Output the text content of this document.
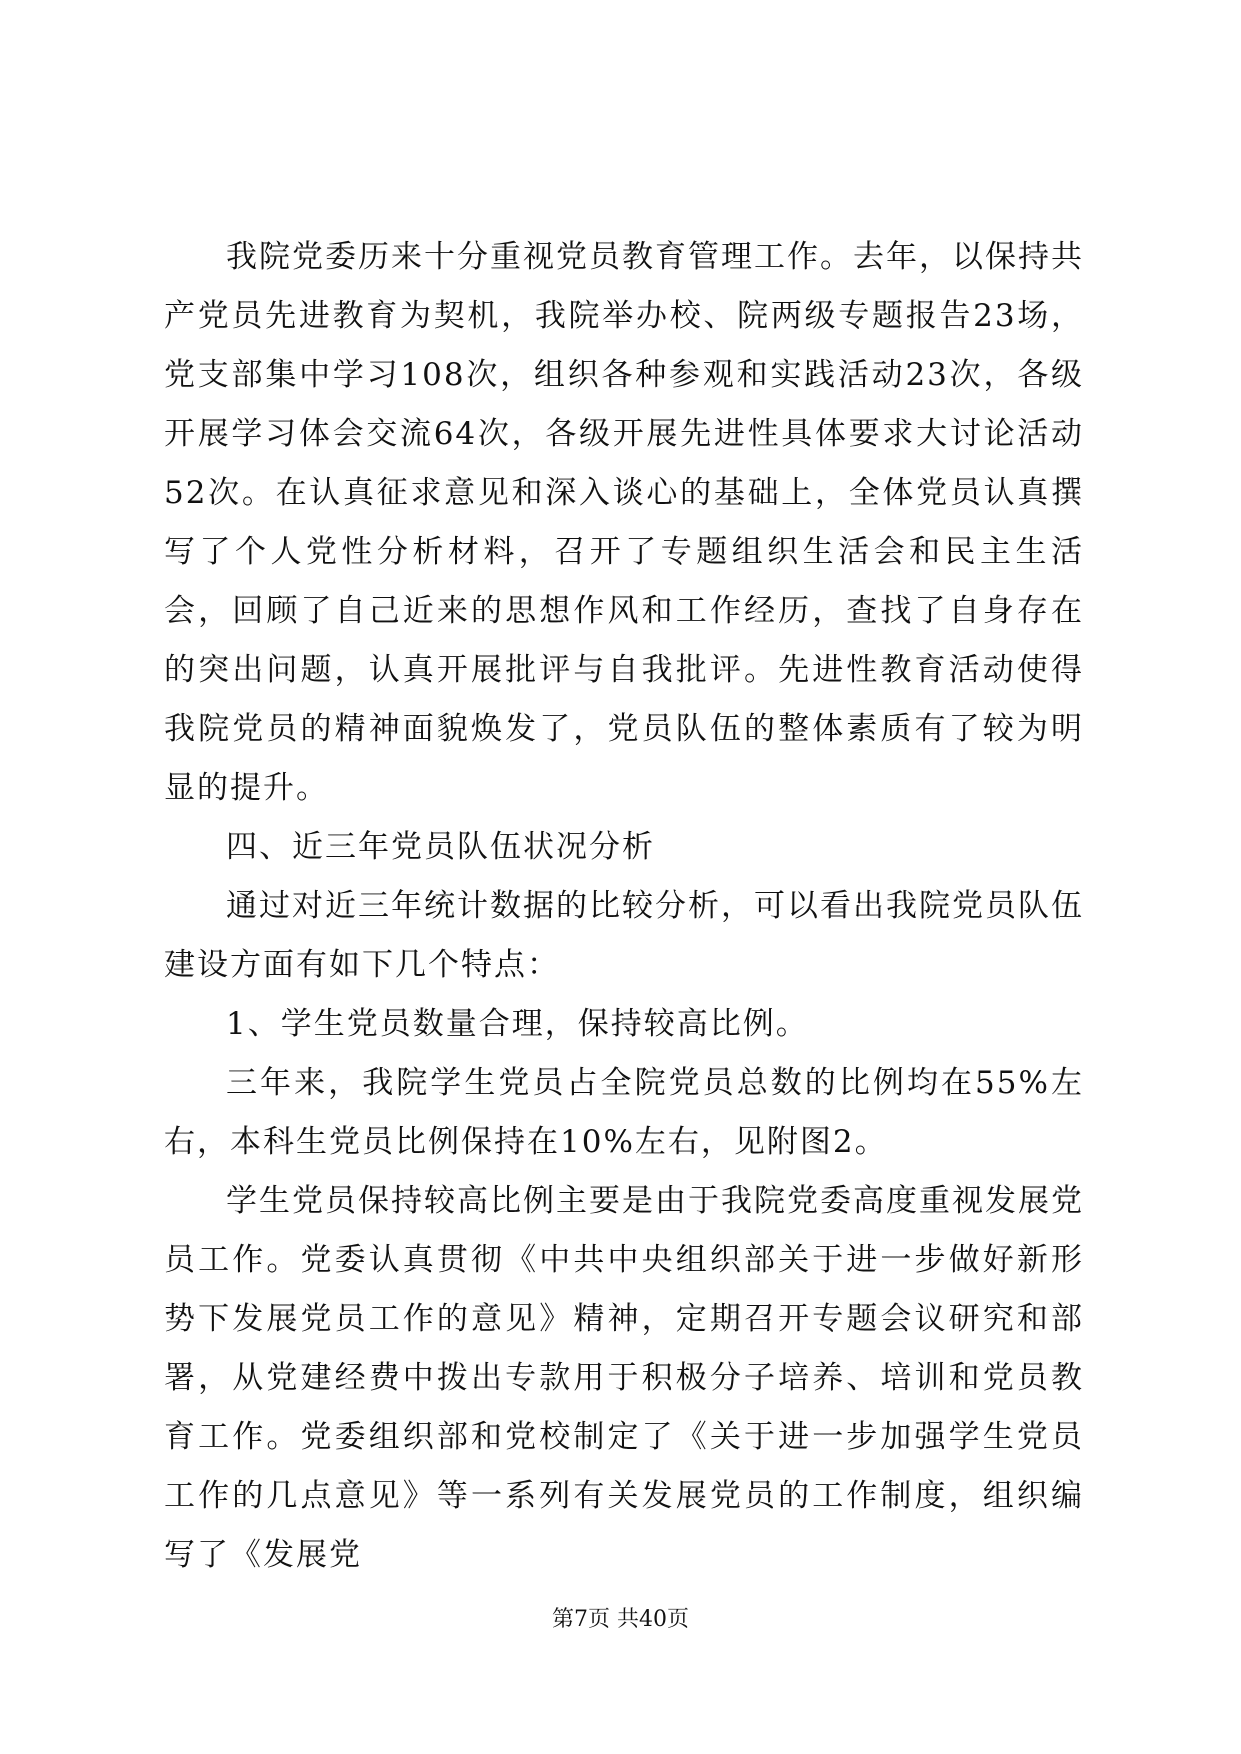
我院党委历来十分重视党员教育管理工作。去年，以保持共产党员先进教育为契机，我院举办校、院两级专题报告23场，党支部集中学习108次，组织各种参观和实践活动23次，各级开展学习体会交流64次，各级开展先进性具体要求大讨论活动52次。在认真征求意见和深入谈心的基础上，全体党员认真撰写了个人党性分析材料，召开了专题组织生活会和民主生活会，回顾了自己近来的思想作风和工作经历，查找了自身存在的突出问题，认真开展批评与自我批评。先进性教育活动使得我院党员的精神面貌焕发了，党员队伍的整体素质有了较为明显的提升。

四、近三年党员队伍状况分析

通过对近三年统计数据的比较分析，可以看出我院党员队伍建设方面有如下几个特点：

1、学生党员数量合理，保持较高比例。

三年来，我院学生党员占全院党员总数的比例均在55%左右，本科生党员比例保持在10%左右，见附图2。

学生党员保持较高比例主要是由于我院党委高度重视发展党员工作。党委认真贯彻《中共中央组织部关于进一步做好新形势下发展党员工作的意见》精神，定期召开专题会议研究和部署，从党建经费中拨出专款用于积极分子培养、培训和党员教育工作。党委组织部和党校制定了《关于进一步加强学生党员工作的几点意见》等一系列有关发展党员的工作制度，组织编写了《发展党

第7页 共40页
